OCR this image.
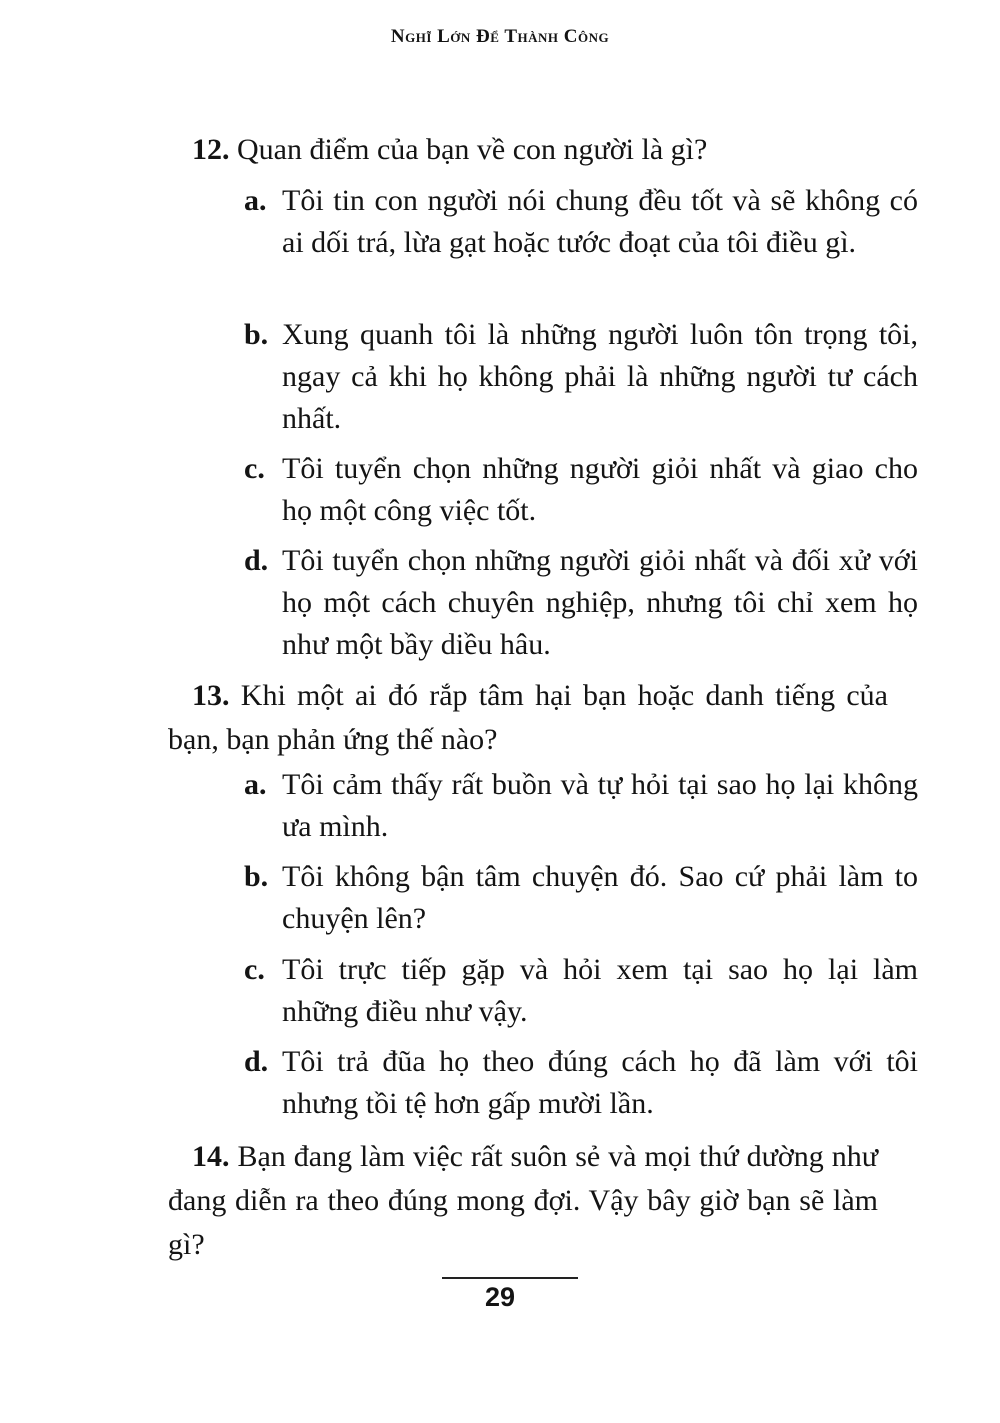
Nghĩ Lớn Để Thành Công

12. Quan điểm của bạn về con người là gì?

a. Tôi tin con người nói chung đều tốt và sẽ không có ai dối trá, lừa gạt hoặc tước đoạt của tôi điều gì.

b. Xung quanh tôi là những người luôn tôn trọng tôi, ngay cả khi họ không phải là những người tư cách nhất.

c. Tôi tuyển chọn những người giỏi nhất và giao cho họ một công việc tốt.

d. Tôi tuyển chọn những người giỏi nhất và đối xử với họ một cách chuyên nghiệp, nhưng tôi chỉ xem họ như một bầy diều hâu.

13. Khi một ai đó rắp tâm hại bạn hoặc danh tiếng của bạn, bạn phản ứng thế nào?

a. Tôi cảm thấy rất buồn và tự hỏi tại sao họ lại không ưa mình.

b. Tôi không bận tâm chuyện đó. Sao cứ phải làm to chuyện lên?

c. Tôi trực tiếp gặp và hỏi xem tại sao họ lại làm những điều như vậy.

d. Tôi trả đũa họ theo đúng cách họ đã làm với tôi nhưng tồi tệ hơn gấp mười lần.

14. Bạn đang làm việc rất suôn sẻ và mọi thứ dường như đang diễn ra theo đúng mong đợi. Vậy bây giờ bạn sẽ làm gì?

29
